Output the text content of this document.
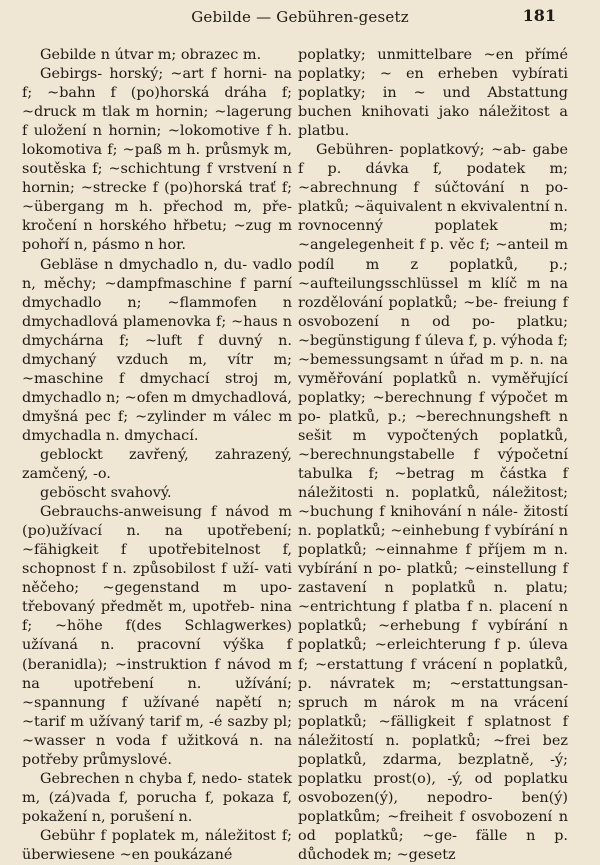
Gebilde — Gebühren-gesetz	181

Gebilde n útvar m; obrazec m.

Gebirgs- horský; ~art f horni- na f; ~bahn f (po)horská dráha f; ~druck m tlak m hornin; ~lagerung f uložení n hornin; ~lokomotive f h. lokomotiva f; ~paß m h. průsmyk m, soutěska f; ~schichtung f vrstvení n hornin; ~strecke f (po)horská trať f; ~übergang m h. přechod m, pře- kročení n horského hřbetu; ~zug m pohoří n, pásmo n hor.

Gebläse n dmychadlo n, du- vadlo n, měchy; ~dampfmaschine f parní dmychadlo n; ~flammofen n dmychadlová plamenovka f; ~haus n dmychárna f; ~luft f duvný n. dmychaný vzduch m, vítr m; ~maschine f dmychací stroj m, dmychadlo n; ~ofen m dmychadlová, dmyšná pec f; ~zylinder m válec m dmychadla n. dmychací.

geblockt zavřený, zahrazený, zamčený, -o.

geböscht svahový.

Gebrauchs-anweisung f návod m (po)užívací n. na upotřebení; ~fähigkeit f upotřebitelnost f, schopnost f n. způsobilost f uží- vati něčeho; ~gegenstand m upo- třebovaný předmět m, upotřeb- nina f; ~höhe f(des Schlagwerkes) užívaná n. pracovní výška f (beranidla); ~instruktion f návod m na upotřebení n. užívání; ~spannung f užívané napětí n; ~tarif m užívaný tarif m, -é sazby pl; ~wasser n voda f užitková n. na potřeby průmyslové.

Gebrechen n chyba f, nedo- statek m, (zá)vada f, porucha f, pokaza f, pokažení n, porušení n.

Gebühr f poplatek m, náležitost f; überwiesene ~en poukázané

poplatky; unmittelbare ~en přímé poplatky; ~ en erheben vybírati poplatky; in ~ und Abstattung buchen knihovati jako náležitost a platbu.

Gebühren- poplatkový; ~ab- gabe f p. dávka f, podatek m; ~abrechnung f súčtování n po- platků; ~äquivalent n ekvivalentní n. rovnocenný poplatek m; ~angelegenheit f p. věc f; ~anteil m podíl m z poplatků, p.; ~aufteilungsschlüssel m klíč m na rozdělování poplatků; ~be- freiung f osvobození n od po- platku; ~begünstigung f úleva f, p. výhoda f; ~bemessungsamt n úřad m p. n. na vyměřování poplatků n. vyměřující poplatky; ~berechnung f výpočet m po- platků, p.; ~berechnungsheft n sešit m vypočtených poplatků, ~berechnungstabelle f výpočetní tabulka f; ~betrag m částka f náležitosti n. poplatků, náležitost; ~buchung f knihování n nále- žitostí n. poplatků; ~einhebung f vybírání n poplatků; ~einnahme f příjem m n. vybírání n po- platků; ~einstellung f zastavení n poplatků n. platu; ~entrichtung f platba f n. placení n poplatků; ~erhebung f vybírání n poplatků; ~erleichterung f p. úleva f; ~erstattung f vrácení n poplatků, p. návratek m; ~erstattungsan- spruch m nárok m na vrácení poplatků; ~fälligkeit f splatnost f náležitostí n. poplatků; ~frei bez poplatků, zdarma, bezplatně, -ý; poplatku prost(o), -ý, od poplatku osvobozen(ý), nepodro- ben(ý) poplatkům; ~freiheit f osvobození n od poplatků; ~ge- fälle n p. důchodek m; ~gesetz
